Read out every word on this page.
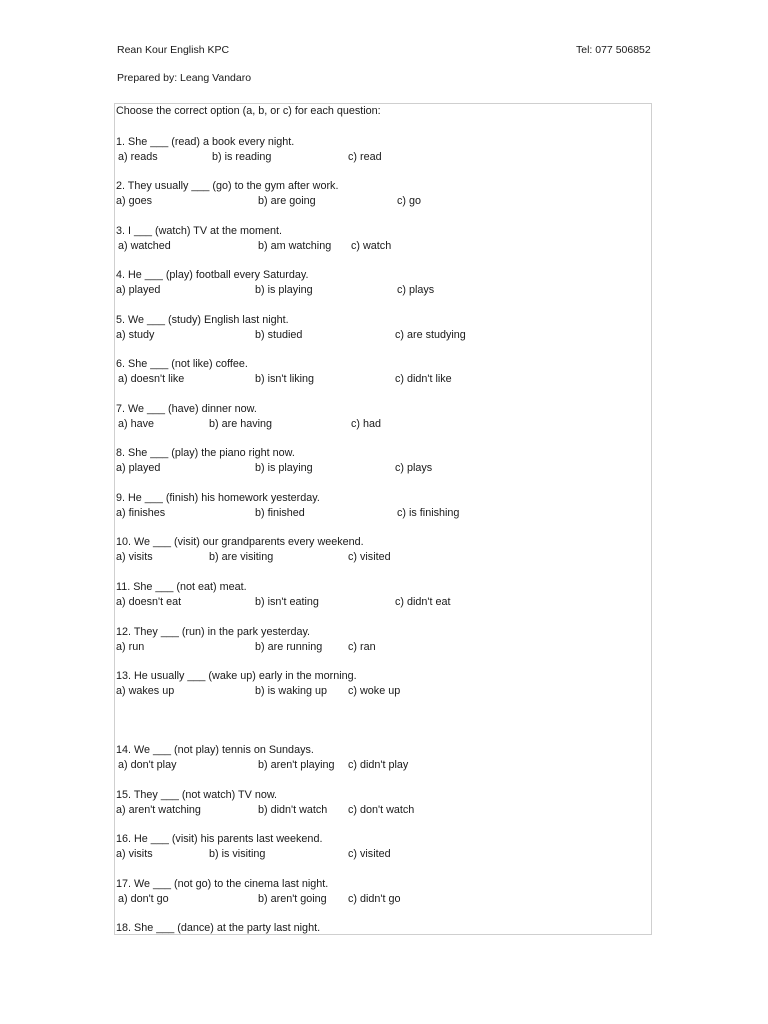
Rean Kour English KPC	Tel: 077 506852
Prepared by: Leang Vandaro
Choose the correct option (a, b, or c) for each question:
1. She ___ (read) a book every night.
a) reads	b) is reading	c) read
2. They usually ___ (go) to the gym after work.
a) goes	b) are going	c) go
3. I ___ (watch) TV at the moment.
a) watched	b) am watching c) watch
4. He ___ (play) football every Saturday.
a) played	b) is playing	c) plays
5. We ___ (study) English last night.
a) study	b) studied	c) are studying
6. She ___ (not like) coffee.
a) doesn't like	b) isn't liking	c) didn't like
7. We ___ (have) dinner now.
a) have	b) are having	c) had
8. She ___ (play) the piano right now.
a) played	b) is playing	c) plays
9. He ___ (finish) his homework yesterday.
a) finishes	b) finished	c) is finishing
10. We ___ (visit) our grandparents every weekend.
a) visits	b) are visiting	c) visited
11. She ___ (not eat) meat.
a) doesn't eat	b) isn't eating	c) didn't eat
12. They ___ (run) in the park yesterday.
a) run	b) are running c) ran
13. He usually ___ (wake up) early in the morning.
a) wakes up	b) is waking up c) woke up
14. We ___ (not play) tennis on Sundays.
a) don't play	b) aren't playing c) didn't play
15. They ___ (not watch) TV now.
a) aren't watching	b) didn't watch c) don't watch
16. He ___ (visit) his parents last weekend.
a) visits	b) is visiting	c) visited
17. We ___ (not go) to the cinema last night.
a) don't go	b) aren't going c) didn't go
18. She ___ (dance) at the party last night.
